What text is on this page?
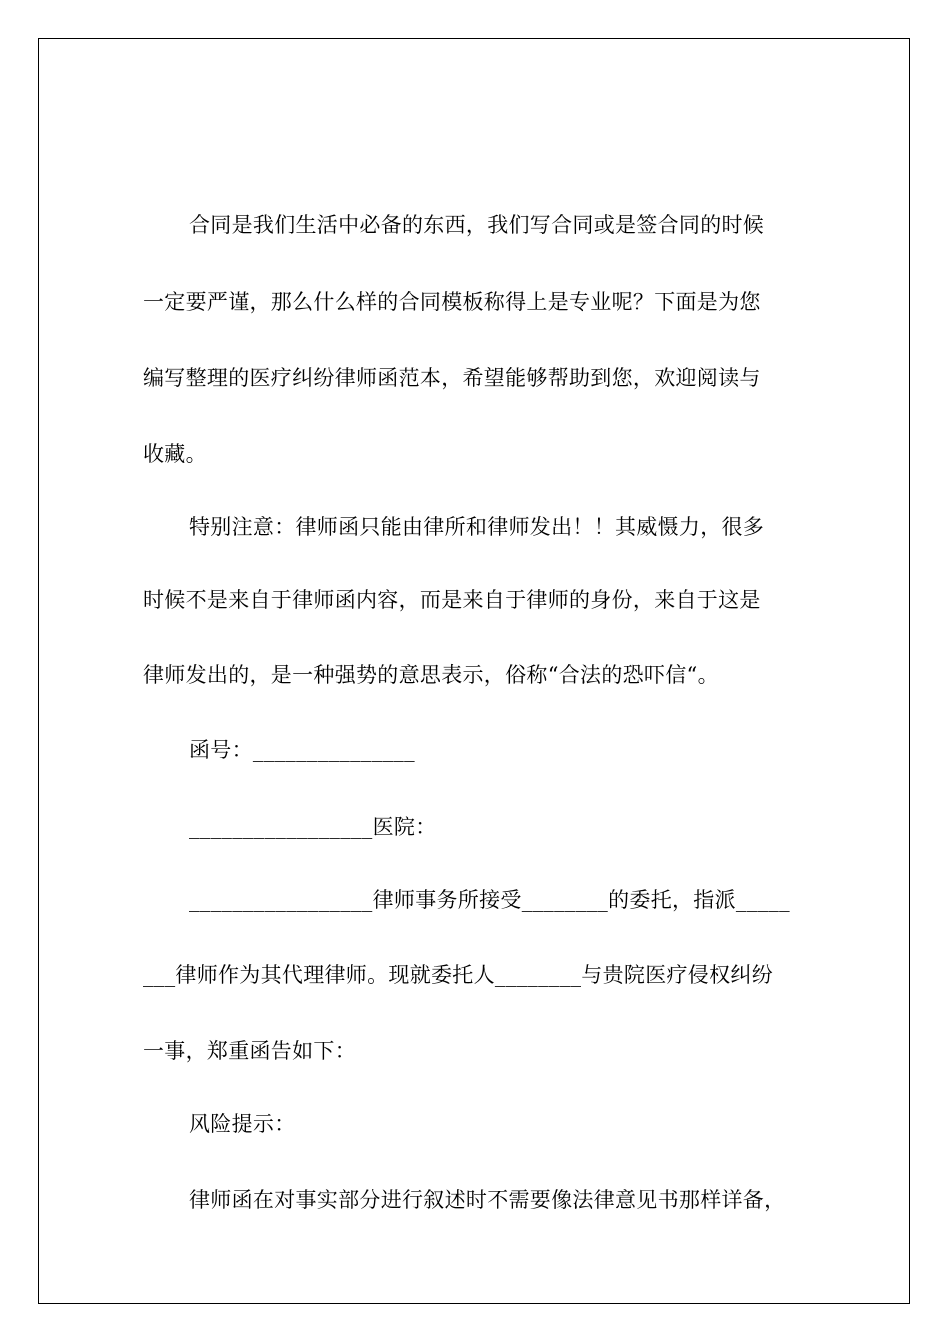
合同是我们生活中必备的东西，我们写合同或是签合同的时候
一定要严谨，那么什么样的合同模板称得上是专业呢？下面是为您
编写整理的医疗纠纷律师函范本，希望能够帮助到您，欢迎阅读与
收藏。
特别注意：律师函只能由律所和律师发出！！其威慑力，很多
时候不是来自于律师函内容，而是来自于律师的身份，来自于这是
律师发出的，是一种强势的意思表示，俗称“合法的恐吓信“。
函号：_______________
_________________医院：
_________________律师事务所接受________的委托，指派_____
___律师作为其代理律师。现就委托人________与贵院医疗侵权纠纷
一事，郑重函告如下：
风险提示：
律师函在对事实部分进行叙述时不需要像法律意见书那样详备，
